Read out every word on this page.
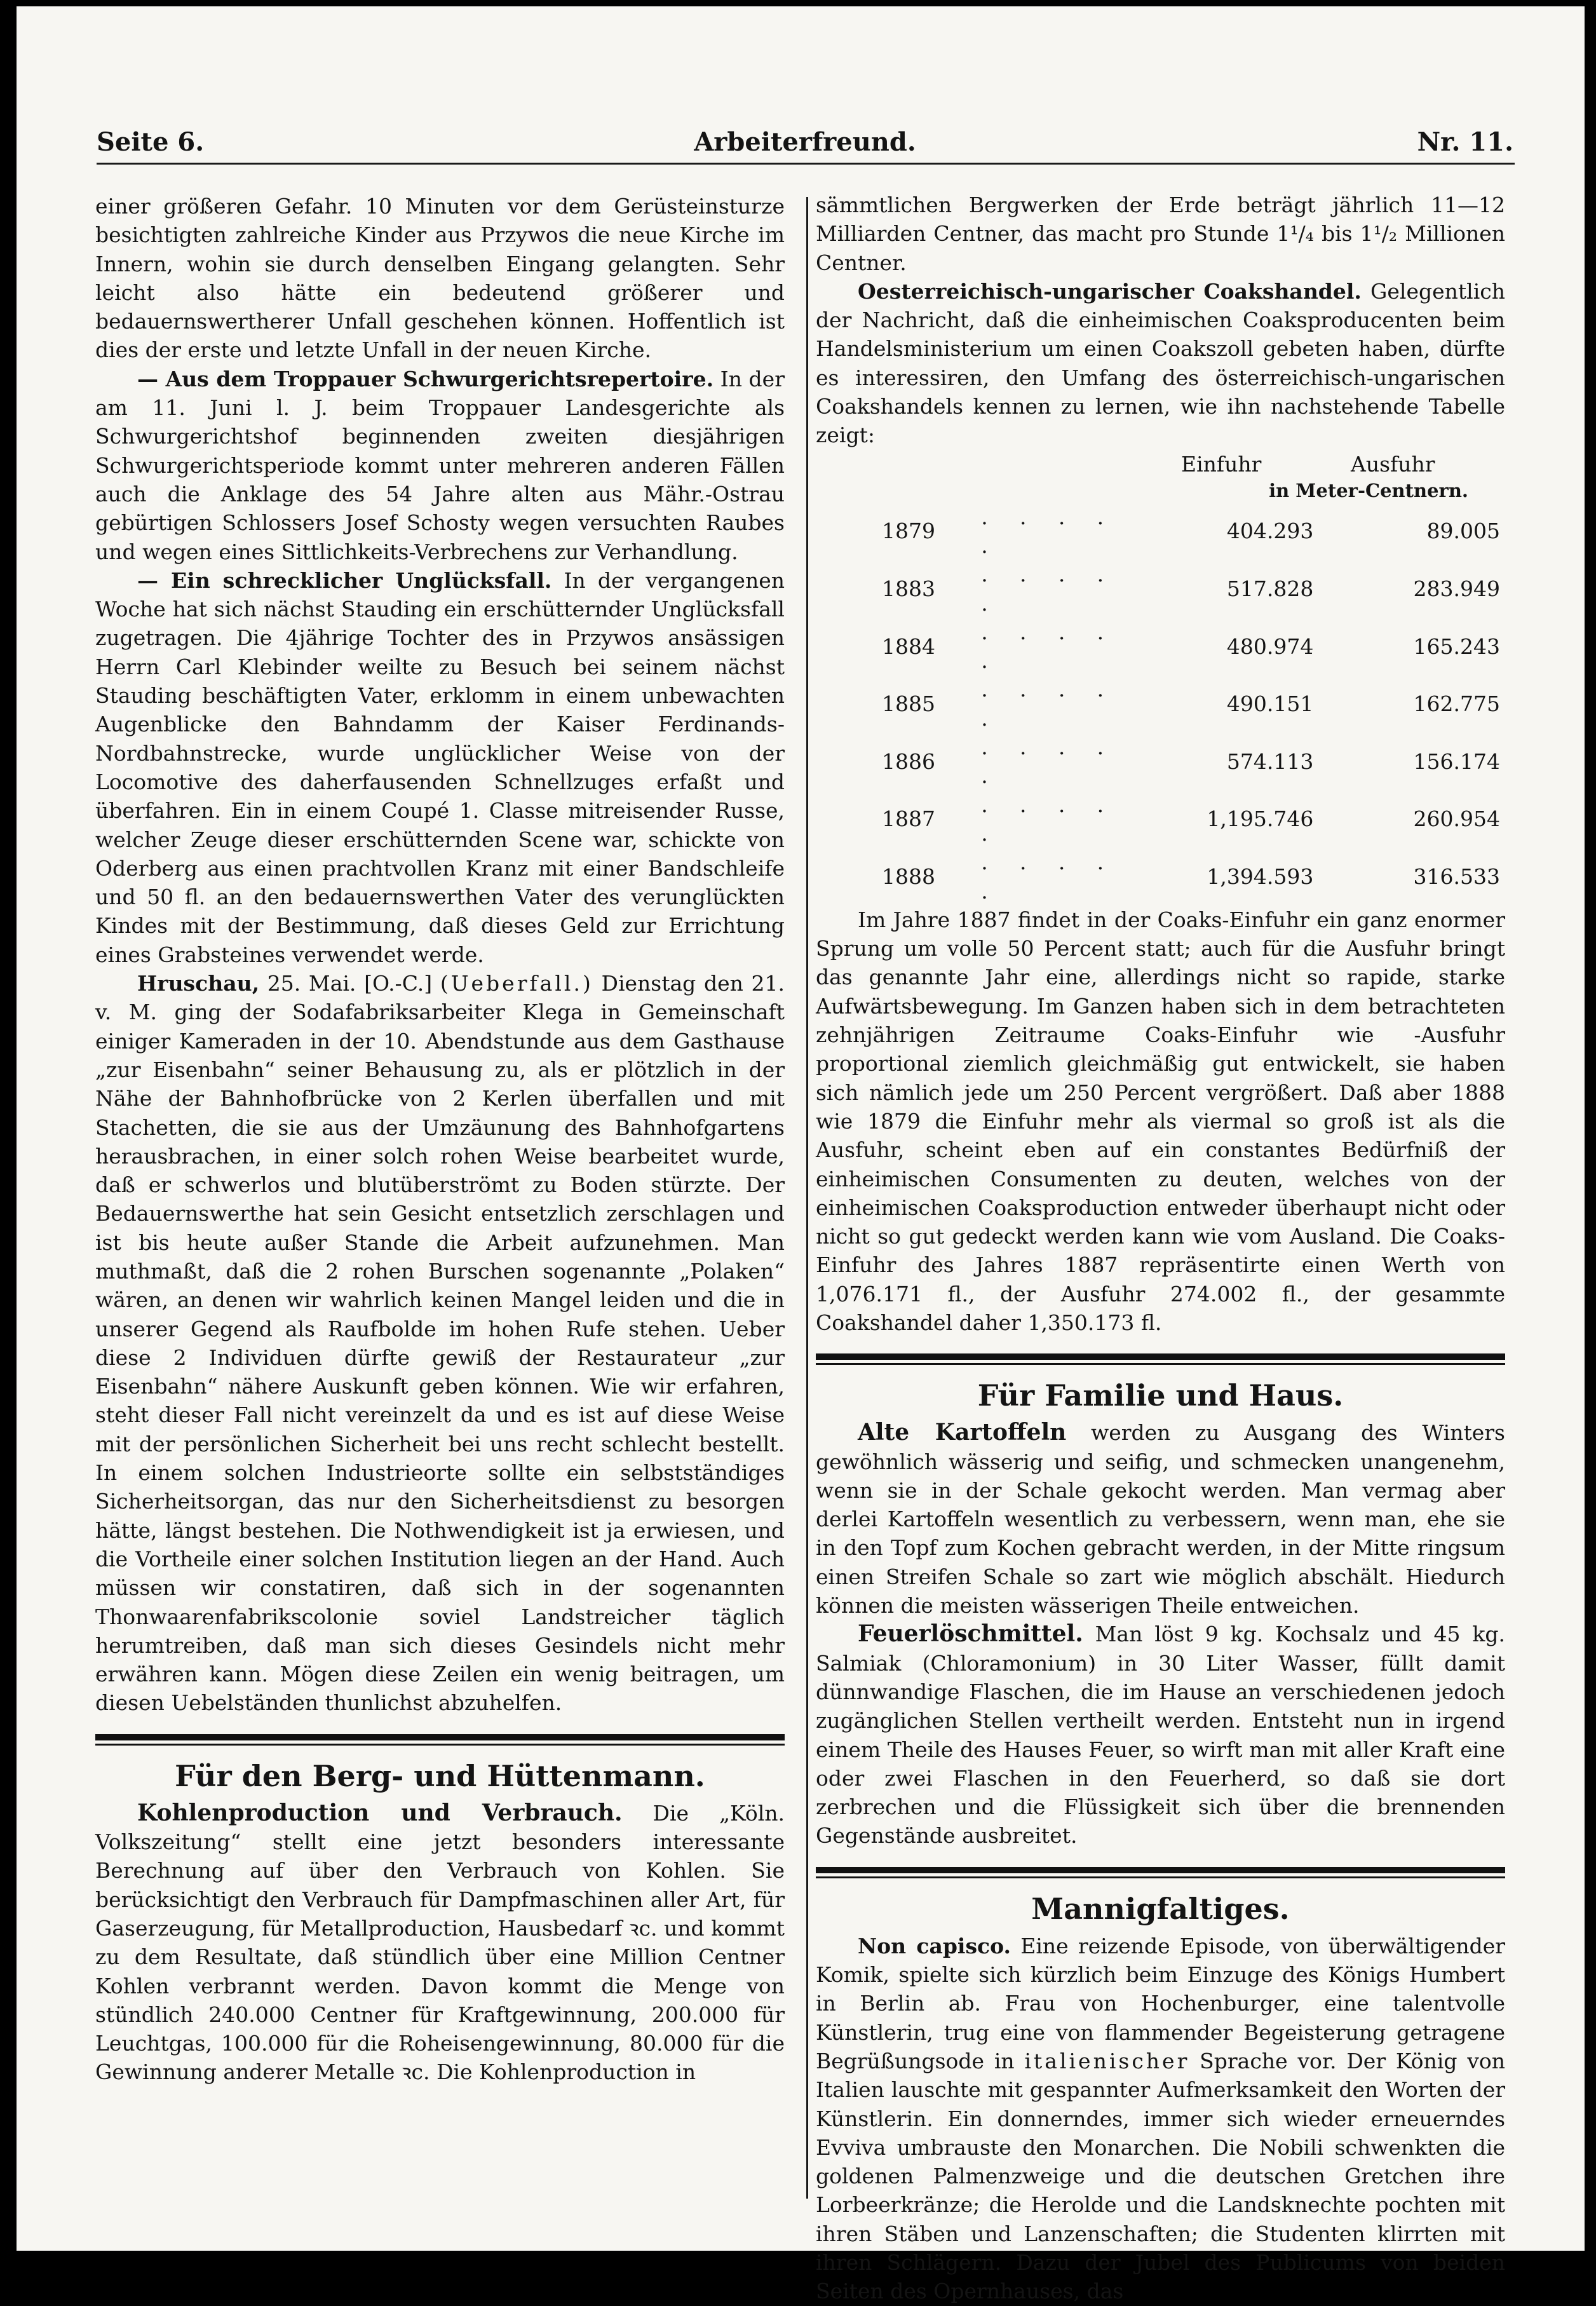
Seite 6.	Arbeiterfreund.	Nr. 11.

einer größeren Gefahr. 10 Minuten vor dem Gerüsteinsturze besichtigten zahlreiche Kinder aus Przywos die neue Kirche im Innern, wohin sie durch denselben Eingang gelangten. Sehr leicht also hätte ein bedeutend größerer und bedauernswertherer Unfall geschehen können. Hoffentlich ist dies der erste und letzte Unfall in der neuen Kirche.

— Aus dem Troppauer Schwurgerichtsrepertoire. In der am 11. Juni l. J. beim Troppauer Landesgerichte als Schwurgerichtshof beginnenden zweiten diesjährigen Schwurgerichtsperiode kommt unter mehreren anderen Fällen auch die Anklage des 54 Jahre alten aus Mähr.-Ostrau gebürtigen Schlossers Josef Schosty wegen versuchten Raubes und wegen eines Sittlichkeits-Verbrechens zur Verhandlung.

— Ein schrecklicher Unglücksfall. In der vergangenen Woche hat sich nächst Stauding ein erschütternder Unglücksfall zugetragen. Die 4jährige Tochter des in Przywos ansässigen Herrn Carl Klebinder weilte zu Besuch bei seinem nächst Stauding beschäftigten Vater, erklomm in einem unbewachten Augenblicke den Bahndamm der Kaiser Ferdinands-Nordbahnstrecke, wurde unglücklicher Weise von der Locomotive des daherfausenden Schnellzuges erfaßt und überfahren. Ein in einem Coupé 1. Classe mitreisender Russe, welcher Zeuge dieser erschütternden Scene war, schickte von Oderberg aus einen prachtvollen Kranz mit einer Bandschleife und 50 fl. an den bedauernswerthen Vater des verunglückten Kindes mit der Bestimmung, daß dieses Geld zur Errichtung eines Grabsteines verwendet werde.

Hruschau, 25. Mai. [O.-C.] (Ueberfall.) Dienstag den 21. v. M. ging der Sodafabriksarbeiter Klega in Gemeinschaft einiger Kameraden in der 10. Abendstunde aus dem Gasthause „zur Eisenbahn“ seiner Behausung zu, als er plötzlich in der Nähe der Bahnhofbrücke von 2 Kerlen überfallen und mit Stachetten, die sie aus der Umzäunung des Bahnhofgartens herausbrachen, in einer solch rohen Weise bearbeitet wurde, daß er schwerlos und blutüberströmt zu Boden stürzte. Der Bedauernswerthe hat sein Gesicht entsetzlich zerschlagen und ist bis heute außer Stande die Arbeit aufzunehmen. Man muthmaßt, daß die 2 rohen Burschen sogenannte „Polaken“ wären, an denen wir wahrlich keinen Mangel leiden und die in unserer Gegend als Raufbolde im hohen Rufe stehen. Ueber diese 2 Individuen dürfte gewiß der Restaurateur „zur Eisenbahn“ nähere Auskunft geben können. Wie wir erfahren, steht dieser Fall nicht vereinzelt da und es ist auf diese Weise mit der persönlichen Sicherheit bei uns recht schlecht bestellt. In einem solchen Industrieorte sollte ein selbstständiges Sicherheitsorgan, das nur den Sicherheitsdienst zu besorgen hätte, längst bestehen. Die Nothwendigkeit ist ja erwiesen, und die Vortheile einer solchen Institution liegen an der Hand. Auch müssen wir constatiren, daß sich in der sogenannten Thonwaarenfabrikscolonie soviel Landstreicher täglich herumtreiben, daß man sich dieses Gesindels nicht mehr erwähren kann. Mögen diese Zeilen ein wenig beitragen, um diesen Uebelständen thunlichst abzuhelfen.

Für den Berg- und Hüttenmann.

Kohlenproduction und Verbrauch. Die „Köln. Volkszeitung“ stellt eine jetzt besonders interessante Berechnung auf über den Verbrauch von Kohlen. Sie berücksichtigt den Verbrauch für Dampfmaschinen aller Art, für Gaserzeugung, für Metallproduction, Hausbedarf ꝛc. und kommt zu dem Resultate, daß stündlich über eine Million Centner Kohlen verbrannt werden. Davon kommt die Menge von stündlich 240.000 Centner für Kraftgewinnung, 200.000 für Leuchtgas, 100.000 für die Roheisengewinnung, 80.000 für die Gewinnung anderer Metalle ꝛc. Die Kohlenproduction in

sämmtlichen Bergwerken der Erde beträgt jährlich 11—12 Milliarden Centner, das macht pro Stunde 1¹/₄ bis 1¹/₂ Millionen Centner.

Oesterreichisch-ungarischer Coakshandel. Gelegentlich der Nachricht, daß die einheimischen Coaksproducenten beim Handelsministerium um einen Coakszoll gebeten haben, dürfte es interessiren, den Umfang des österreichisch-ungarischen Coakshandels kennen zu lernen, wie ihn nachstehende Tabelle zeigt:

Einfuhr	Ausfuhr
in Meter-Centnern.
1879	. . . . .	404.293	89.005
1883	. . . . .	517.828	283.949
1884	. . . . .	480.974	165.243
1885	. . . . .	490.151	162.775
1886	. . . . .	574.113	156.174
1887	. . . . .	1,195.746	260.954
1888	. . . . .	1,394.593	316.533

Im Jahre 1887 findet in der Coaks-Einfuhr ein ganz enormer Sprung um volle 50 Percent statt; auch für die Ausfuhr bringt das genannte Jahr eine, allerdings nicht so rapide, starke Aufwärtsbewegung. Im Ganzen haben sich in dem betrachteten zehnjährigen Zeitraume Coaks-Einfuhr wie -Ausfuhr proportional ziemlich gleichmäßig gut entwickelt, sie haben sich nämlich jede um 250 Percent vergrößert. Daß aber 1888 wie 1879 die Einfuhr mehr als viermal so groß ist als die Ausfuhr, scheint eben auf ein constantes Bedürfniß der einheimischen Consumenten zu deuten, welches von der einheimischen Coaksproduction entweder überhaupt nicht oder nicht so gut gedeckt werden kann wie vom Ausland. Die Coaks-Einfuhr des Jahres 1887 repräsentirte einen Werth von 1,076.171 fl., der Ausfuhr 274.002 fl., der gesammte Coakshandel daher 1,350.173 fl.

Für Familie und Haus.

Alte Kartoffeln werden zu Ausgang des Winters gewöhnlich wässerig und seifig, und schmecken unangenehm, wenn sie in der Schale gekocht werden. Man vermag aber derlei Kartoffeln wesentlich zu verbessern, wenn man, ehe sie in den Topf zum Kochen gebracht werden, in der Mitte ringsum einen Streifen Schale so zart wie möglich abschält. Hiedurch können die meisten wässerigen Theile entweichen.

Feuerlöschmittel. Man löst 9 kg. Kochsalz und 45 kg. Salmiak (Chloramonium) in 30 Liter Wasser, füllt damit dünnwandige Flaschen, die im Hause an verschiedenen jedoch zugänglichen Stellen vertheilt werden. Entsteht nun in irgend einem Theile des Hauses Feuer, so wirft man mit aller Kraft eine oder zwei Flaschen in den Feuerherd, so daß sie dort zerbrechen und die Flüssigkeit sich über die brennenden Gegenstände ausbreitet.

Mannigfaltiges.

Non capisco. Eine reizende Episode, von überwältigender Komik, spielte sich kürzlich beim Einzuge des Königs Humbert in Berlin ab. Frau von Hochenburger, eine talentvolle Künstlerin, trug eine von flammender Begeisterung getragene Begrüßungsode in italienischer Sprache vor. Der König von Italien lauschte mit gespannter Aufmerksamkeit den Worten der Künstlerin. Ein donnerndes, immer sich wieder erneuerndes Evviva umbrauste den Monarchen. Die Nobili schwenkten die goldenen Palmenzweige und die deutschen Gretchen ihre Lorbeerkränze; die Herolde und die Landsknechte pochten mit ihren Stäben und Lanzenschaften; die Studenten klirrten mit ihren Schlägern. Dazu der Jubel des Publicums von beiden Seiten des Opernhauses, das
